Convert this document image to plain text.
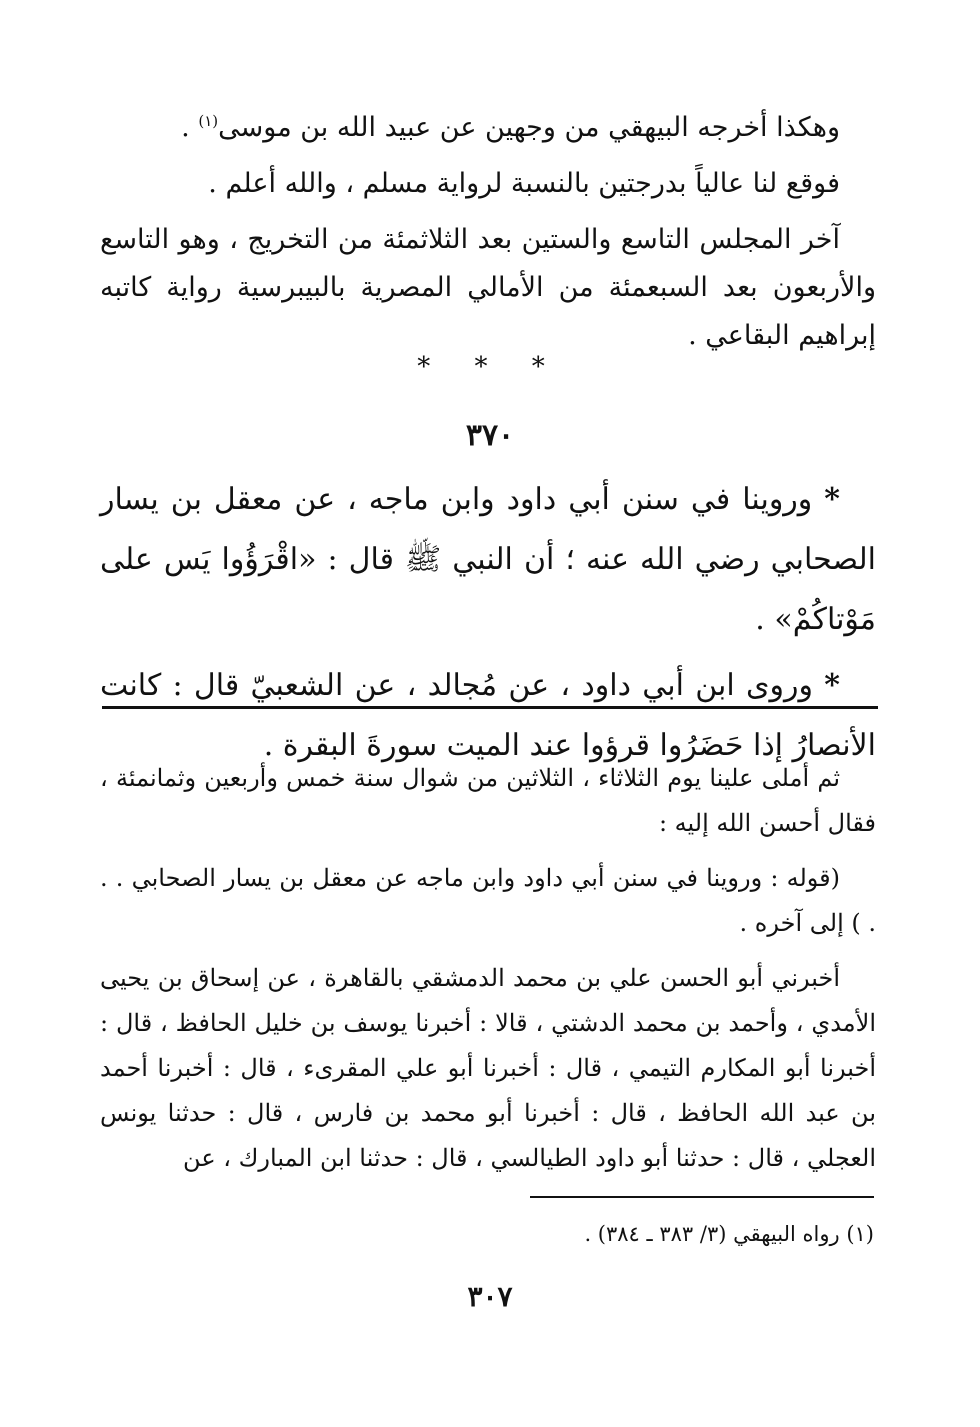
وهكذا أخرجه البيهقي من وجهين عن عبيد الله بن موسى$^{(١)}$ .

فوقع لنا عالياً بدرجتين بالنسبة لرواية مسلم ، والله أعلم .

آخر المجلس التاسع والستين بعد الثلاثمئة من التخريج ، وهو التاسع والأربعون بعد السبعمئة من الأمالي المصرية بالبيبرسية رواية كاتبه إبراهيم البقاعي .

* * *
٣٧٠

* وروينا في سنن أبي داود وابن ماجه ، عن معقل بن يسار الصحابي رضي الله عنه ؛ أن النبي ﷺ قال : «اقْرَؤُوا يَس على مَوْتاكُمْ» .

* وروى ابن أبي داود ، عن مُجالد ، عن الشعبيّ قال : كانت الأنصارُ إذا حَضَرُوا قرؤوا عند الميت سورةَ البقرة .

ثم أملى علينا يوم الثلاثاء ، الثلاثين من شوال سنة خمس وأربعين وثمانمئة ، فقال أحسن الله إليه :

(قوله : وروينا في سنن أبي داود وابن ماجه عن معقل بن يسار الصحابي . . . ) إلى آخره .

أخبرني أبو الحسن علي بن محمد الدمشقي بالقاهرة ، عن إسحاق بن يحيى الأمدي ، وأحمد بن محمد الدشتي ، قالا : أخبرنا يوسف بن خليل الحافظ ، قال : أخبرنا أبو المكارم التيمي ، قال : أخبرنا أبو علي المقرىء ، قال : أخبرنا أحمد بن عبد الله الحافظ ، قال : أخبرنا أبو محمد بن فارس ، قال : حدثنا يونس العجلي ، قال : حدثنا أبو داود الطيالسي ، قال : حدثنا ابن المبارك ، عن

(١) رواه البيهقي (٣/ ٣٨٣ ـ ٣٨٤) .
٣٠٧
